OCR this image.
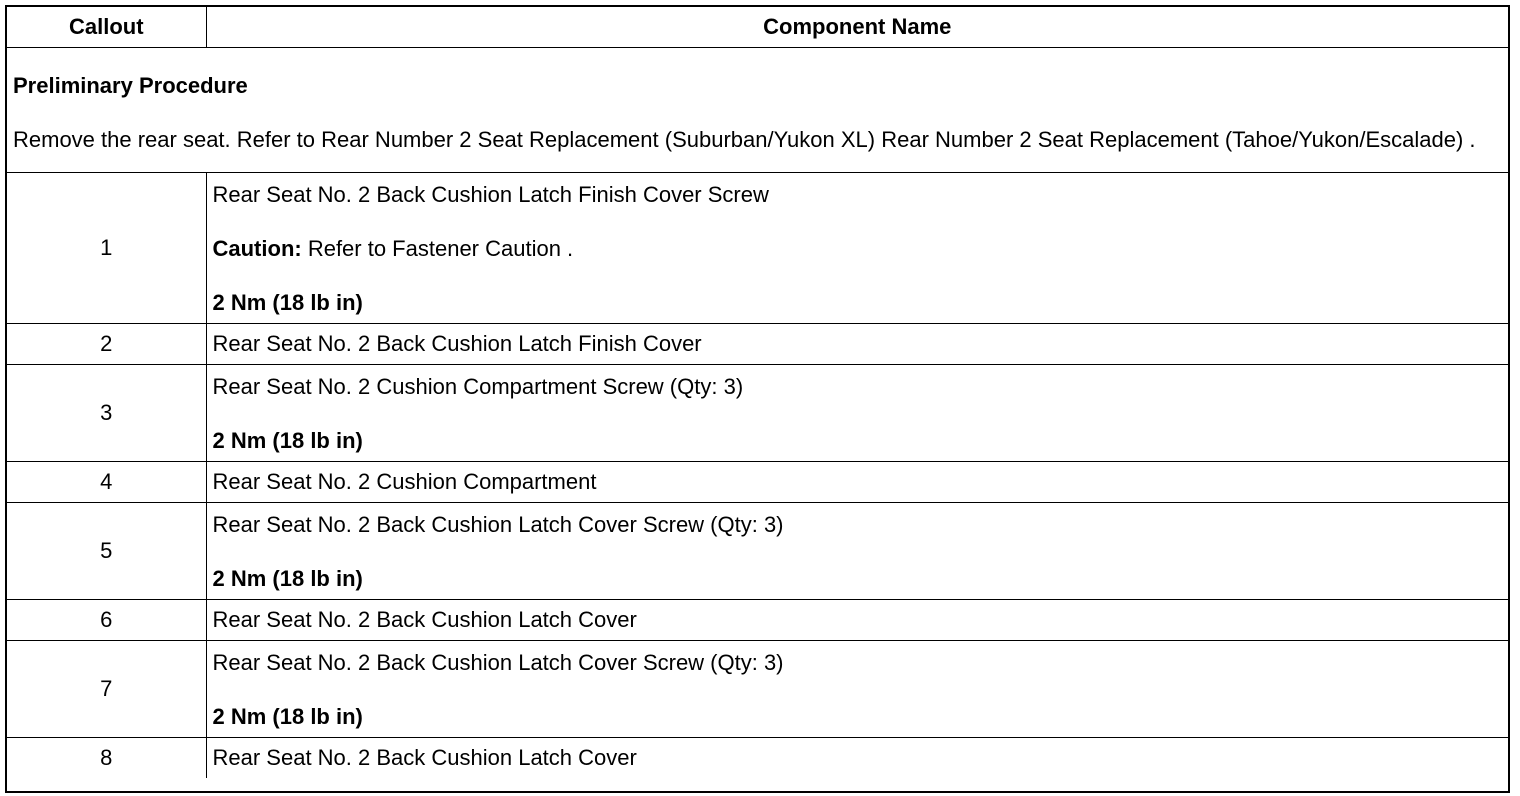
Callout	Component Name

Preliminary Procedure

Remove the rear seat. Refer to Rear Number 2 Seat Replacement (Suburban/Yukon XL) Rear Number 2 Seat Replacement (Tahoe/Yukon/Escalade) .	

1	Rear Seat No. 2 Back Cushion Latch Finish Cover Screw

Caution: Refer to Fastener Caution .

2 Nm (18 lb in)

2	Rear Seat No. 2 Back Cushion Latch Finish Cover
3	Rear Seat No. 2 Cushion Compartment Screw (Qty: 3)

2 Nm (18 lb in)

4	Rear Seat No. 2 Cushion Compartment
5	Rear Seat No. 2 Back Cushion Latch Cover Screw (Qty: 3)

2 Nm (18 lb in)

6	Rear Seat No. 2 Back Cushion Latch Cover
7	Rear Seat No. 2 Back Cushion Latch Cover Screw (Qty: 3)

2 Nm (18 lb in)

8	Rear Seat No. 2 Back Cushion Latch Cover
